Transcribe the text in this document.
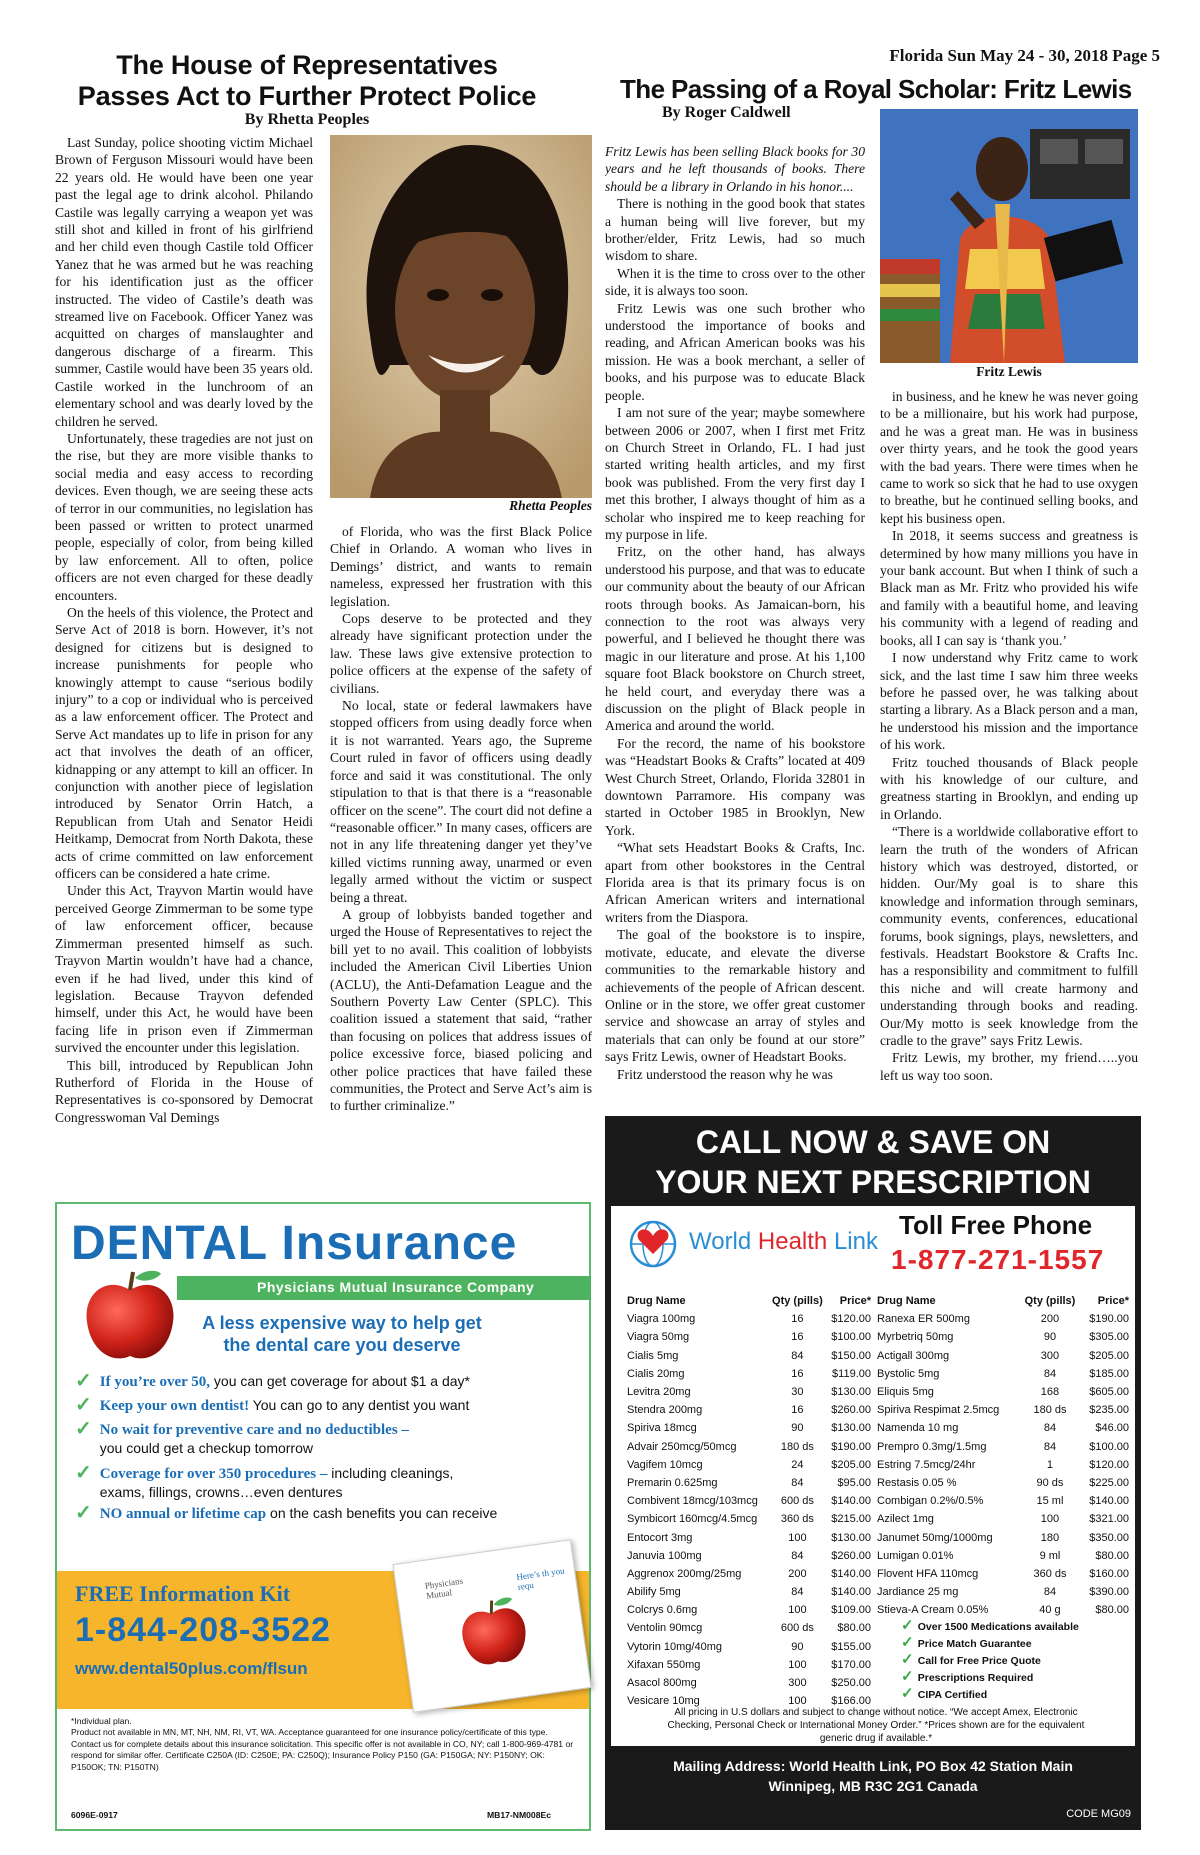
Florida Sun May 24 - 30, 2018 Page 5
The House of Representatives
Passes Act to Further Protect Police
By Rhetta Peoples

Last Sunday, police shooting victim Michael Brown of Ferguson Missouri would have been 22 years old. He would have been one year past the legal age to drink alcohol. Philando Castile was legally carrying a weapon yet was still shot and killed in front of his girlfriend and her child even though Castile told Officer Yanez that he was armed but he was reaching for his identification just as the officer instructed. The video of Castile’s death was streamed live on Facebook. Officer Yanez was acquitted on charges of manslaughter and dangerous discharge of a firearm. This summer, Castile would have been 35 years old. Castile worked in the lunchroom of an elementary school and was dearly loved by the children he served.

Unfortunately, these tragedies are not just on the rise, but they are more visible thanks to social media and easy access to recording devices. Even though, we are seeing these acts of terror in our communities, no legislation has been passed or written to protect unarmed people, especially of color, from being killed by law enforcement. All to often, police officers are not even charged for these deadly encounters.

On the heels of this violence, the Protect and Serve Act of 2018 is born. However, it’s not designed for citizens but is designed to increase punishments for people who knowingly attempt to cause “serious bodily injury” to a cop or individual who is perceived as a law enforcement officer. The Protect and Serve Act mandates up to life in prison for any act that involves the death of an officer, kidnapping or any attempt to kill an officer. In conjunction with another piece of legislation introduced by Senator Orrin Hatch, a Republican from Utah and Senator Heidi Heitkamp, Democrat from North Dakota, these acts of crime committed on law enforcement officers can be considered a hate crime.

Under this Act, Trayvon Martin would have perceived George Zimmerman to be some type of law enforcement officer, because Zimmerman presented himself as such. Trayvon Martin wouldn’t have had a chance, even if he had lived, under this kind of legislation. Because Trayvon defended himself, under this Act, he would have been facing life in prison even if Zimmerman survived the encounter under this legislation.

This bill, introduced by Republican John Rutherford of Florida in the House of Representatives is co-sponsored by Democrat Congresswoman Val Demings

Rhetta Peoples

of Florida, who was the first Black Police Chief in Orlando. A woman who lives in Demings’ district, and wants to remain nameless, expressed her frustration with this legislation.

Cops deserve to be protected and they already have significant protection under the law. These laws give extensive protection to police officers at the expense of the safety of civilians.

No local, state or federal lawmakers have stopped officers from using deadly force when it is not warranted. Years ago, the Supreme Court ruled in favor of officers using deadly force and said it was constitutional. The only stipulation to that is that there is a “reasonable officer on the scene”. The court did not define a “reasonable officer.” In many cases, officers are not in any life threatening danger yet they’ve killed victims running away, unarmed or even legally armed without the victim or suspect being a threat.

A group of lobbyists banded together and urged the House of Representatives to reject the bill yet to no avail. This coalition of lobbyists included the American Civil Liberties Union (ACLU), the Anti-Defamation League and the Southern Poverty Law Center (SPLC). This coalition issued a statement that said, “rather than focusing on polices that address issues of police excessive force, biased policing and other police practices that have failed these communities, the Protect and Serve Act’s aim is to further criminalize.”

The Passing of a Royal Scholar: Fritz Lewis
By Roger Caldwell

Fritz Lewis has been selling Black books for 30 years and he left thousands of books. There should be a library in Orlando in his honor....

There is nothing in the good book that states a human being will live forever, but my brother/elder, Fritz Lewis, had so much wisdom to share.

When it is the time to cross over to the other side, it is always too soon.

Fritz Lewis was one such brother who understood the importance of books and reading, and African American books was his mission. He was a book merchant, a seller of books, and his purpose was to educate Black people.

I am not sure of the year; maybe somewhere between 2006 or 2007, when I first met Fritz on Church Street in Orlando, FL. I had just started writing health articles, and my first book was published. From the very first day I met this brother, I always thought of him as a scholar who inspired me to keep reaching for my purpose in life.

Fritz, on the other hand, has always understood his purpose, and that was to educate our community about the beauty of our African roots through books. As Jamaican-born, his connection to the root was always very powerful, and I believed he thought there was magic in our literature and prose. At his 1,100 square foot Black bookstore on Church street, he held court, and everyday there was a discussion on the plight of Black people in America and around the world.

For the record, the name of his bookstore was “Headstart Books & Crafts” located at 409 West Church Street, Orlando, Florida 32801 in downtown Parramore. His company was started in October 1985 in Brooklyn, New York.

“What sets Headstart Books & Crafts, Inc. apart from other bookstores in the Central Florida area is that its primary focus is on African American writers and international writers from the Diaspora.

The goal of the bookstore is to inspire, motivate, educate, and elevate the diverse communities to the remarkable history and achievements of the people of African descent. Online or in the store, we offer great customer service and showcase an array of styles and materials that can only be found at our store” says Fritz Lewis, owner of Headstart Books.

Fritz understood the reason why he was

Fritz Lewis

in business, and he knew he was never going to be a millionaire, but his work had purpose, and he was a great man. He was in business over thirty years, and he took the good years with the bad years. There were times when he came to work so sick that he had to use oxygen to breathe, but he continued selling books, and kept his business open.

In 2018, it seems success and greatness is determined by how many millions you have in your bank account. But when I think of such a Black man as Mr. Fritz who provided his wife and family with a beautiful home, and leaving his community with a legend of reading and books, all I can say is ‘thank you.’

I now understand why Fritz came to work sick, and the last time I saw him three weeks before he passed over, he was talking about starting a library. As a Black person and a man, he understood his mission and the importance of his work.

Fritz touched thousands of Black people with his knowledge of our culture, and greatness starting in Brooklyn, and ending up in Orlando.

“There is a worldwide collaborative effort to learn the truth of the wonders of African history which was destroyed, distorted, or hidden. Our/My goal is to share this knowledge and information through seminars, community events, conferences, educational forums, book signings, plays, newsletters, and festivals. Headstart Bookstore & Crafts Inc. has a responsibility and commitment to fulfill this niche and will create harmony and understanding through books and reading. Our/My motto is seek knowledge from the cradle to the grave” says Fritz Lewis.

Fritz Lewis, my brother, my friend…..you left us way too soon.

DENTAL Insurance
Physicians Mutual Insurance Company
A less expensive way to help get
the dental care you deserve
✓ If you’re over 50, you can get coverage for about $1 a day*
✓ Keep your own dentist! You can go to any dentist you want
✓ No wait for preventive care and no deductibles –
you could get a checkup tomorrow
✓ Coverage for over 350 procedures – including cleanings,
exams, fillings, crowns…even dentures
✓ NO annual or lifetime cap on the cash benefits you can receive
FREE Information Kit
1-844-208-3522
www.dental50plus.com/flsun
Physicians Mutual
Here’s th you requ
*Individual plan.
Product not available in MN, MT, NH, NM, RI, VT, WA. Acceptance guaranteed for one insurance policy/certificate of this type. Contact us for complete details about this insurance solicitation. This specific offer is not available in CO, NY; call 1-800-969-4781 or respond for similar offer. Certificate C250A (ID: C250E; PA: C250Q); Insurance Policy P150 (GA: P150GA; NY: P150NY; OK: P150OK; TN: P150TN)
6096E-0917	MB17-NM008Ec
CALL NOW & SAVE ON
YOUR NEXT PRESCRIPTION
World Health Link
Toll Free Phone
1-877-271-1557
Drug Name	Qty (pills)	Price*
Viagra 100mg	16	$120.00
Viagra 50mg	16	$100.00
Cialis 5mg	84	$150.00
Cialis 20mg	16	$119.00
Levitra 20mg	30	$130.00
Stendra 200mg	16	$260.00
Spiriva 18mcg	90	$130.00
Advair 250mcg/50mcg	180 ds	$190.00
Vagifem 10mcg	24	$205.00
Premarin 0.625mg	84	$95.00
Combivent 18mcg/103mcg	600 ds	$140.00
Symbicort 160mcg/4.5mcg	360 ds	$215.00
Entocort 3mg	100	$130.00
Januvia 100mg	84	$260.00
Aggrenox 200mg/25mg	200	$140.00
Abilify 5mg	84	$140.00
Colcrys 0.6mg	100	$109.00
Ventolin 90mcg	600 ds	$80.00
Vytorin 10mg/40mg	90	$155.00
Xifaxan 550mg	100	$170.00
Asacol 800mg	300	$250.00
Vesicare 10mg	100	$166.00
Drug Name	Qty (pills)	Price*
Ranexa ER 500mg	200	$190.00
Myrbetriq 50mg	90	$305.00
Actigall 300mg	300	$205.00
Bystolic 5mg	84	$185.00
Eliquis 5mg	168	$605.00
Spiriva Respimat 2.5mcg	180 ds	$235.00
Namenda 10 mg	84	$46.00
Prempro 0.3mg/1.5mg	84	$100.00
Estring 7.5mcg/24hr	1	$120.00
Restasis 0.05 %	90 ds	$225.00
Combigan 0.2%/0.5%	15 ml	$140.00
Azilect 1mg	100	$321.00
Janumet 50mg/1000mg	180	$350.00
Lumigan 0.01%	9 ml	$80.00
Flovent HFA 110mcg	360 ds	$160.00
Jardiance 25 mg	84	$390.00
Stieva-A Cream 0.05%	40 g	$80.00
✓ Over 1500 Medications available
✓ Price Match Guarantee
✓ Call for Free Price Quote
✓ Prescriptions Required
✓ CIPA Certified
All pricing in U.S dollars and subject to change without notice. “We accept Amex, Electronic Checking, Personal Check or International Money Order.” *Prices shown are for the equivalent generic drug if available.*
Mailing Address: World Health Link, PO Box 42 Station Main
Winnipeg, MB R3C 2G1 Canada
CODE MG09
